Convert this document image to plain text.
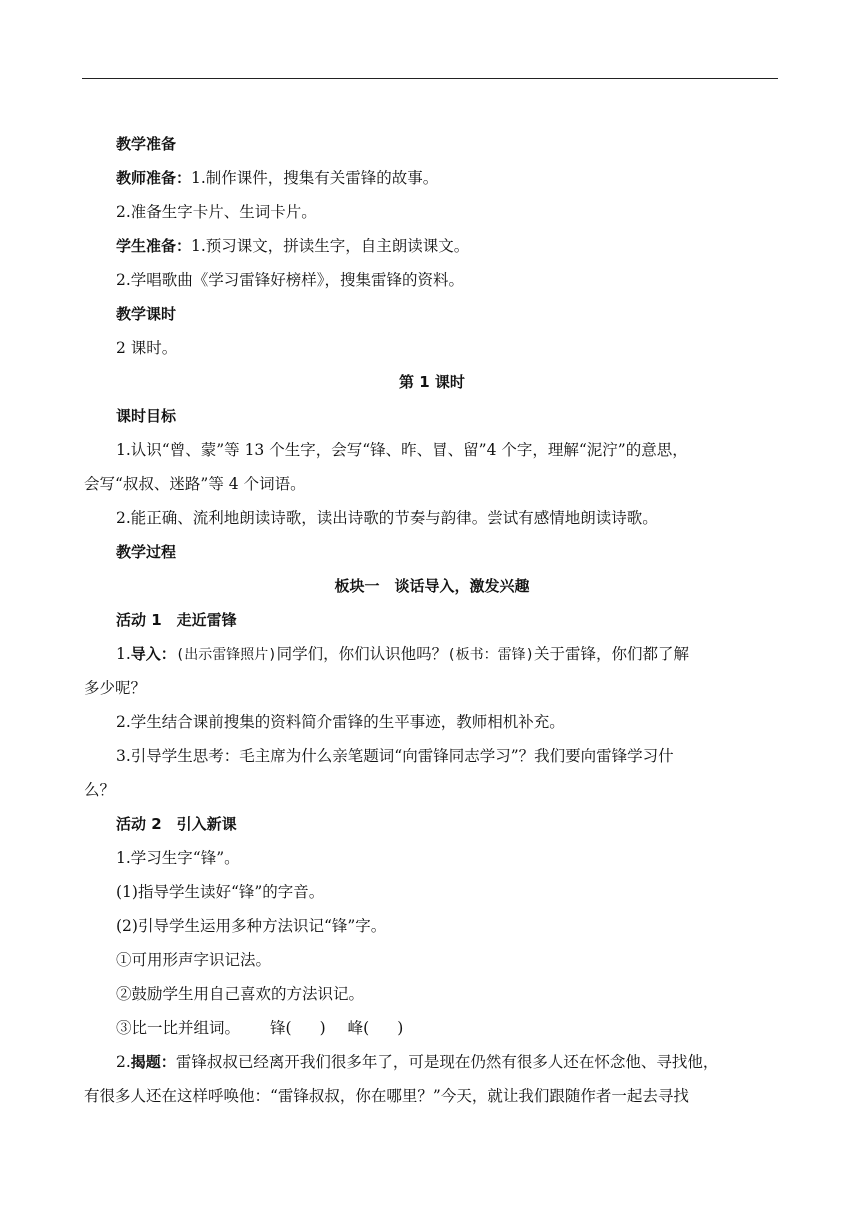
教学准备

教师准备：1.制作课件，搜集有关雷锋的故事。

2.准备生字卡片、生词卡片。

学生准备：1.预习课文，拼读生字，自主朗读课文。

2.学唱歌曲《学习雷锋好榜样》，搜集雷锋的资料。

教学课时

2 课时。

第 1 课时

课时目标

1.认识“曾、蒙”等 13 个生字，会写“锋、昨、冒、留”4 个字，理解“泥泞”的意思，

会写“叔叔、迷路”等 4 个词语。

2.能正确、流利地朗读诗歌，读出诗歌的节奏与韵律。尝试有感情地朗读诗歌。

教学过程

板块一　谈话导入，激发兴趣

活动 1　走近雷锋

1.导入：(出示雷锋照片)同学们，你们认识他吗？(板书：雷锋)关于雷锋，你们都了解

多少呢？

2.学生结合课前搜集的资料简介雷锋的生平事迹，教师相机补充。

3.引导学生思考：毛主席为什么亲笔题词“向雷锋同志学习”？我们要向雷锋学习什

么？

活动 2　引入新课

1.学习生字“锋”。

(1)指导学生读好“锋”的字音。

(2)引导学生运用多种方法识记“锋”字。

①可用形声字识记法。

②鼓励学生用自己喜欢的方法识记。

③比一比并组词。 锋( ) 峰( )

2.揭题：雷锋叔叔已经离开我们很多年了，可是现在仍然有很多人还在怀念他、寻找他，

有很多人还在这样呼唤他：“雷锋叔叔，你在哪里？”今天，就让我们跟随作者一起去寻找
